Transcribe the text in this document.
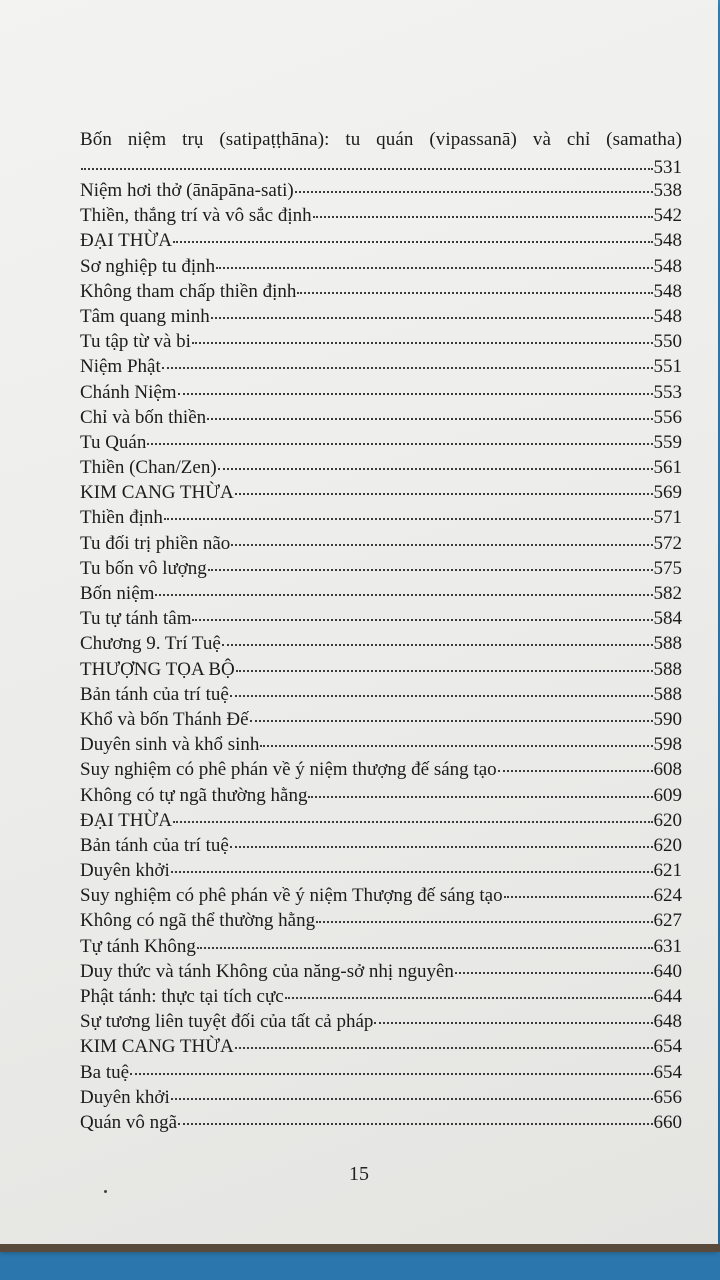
Bốn niệm trụ (satipaṭṭhāna): tu quán (vipassanā) và chỉ (samatha)
531
Niệm hơi thở (ānāpāna-sati)	538
Thiền, thắng trí và vô sắc định	542
ĐẠI THỪA	548
Sơ nghiệp tu định	548
Không tham chấp thiền định	548
Tâm quang minh	548
Tu tập từ và bi	550
Niệm Phật	551
Chánh Niệm	553
Chỉ và bốn thiền	556
Tu Quán	559
Thiền (Chan/Zen)	561
KIM CANG THỪA	569
Thiền định	571
Tu đối trị phiền não	572
Tu bốn vô lượng	575
Bốn niệm	582
Tu tự tánh tâm	584
Chương 9. Trí Tuệ	588
THƯỢNG TỌA BỘ	588
Bản tánh của trí tuệ	588
Khổ và bốn Thánh Đế	590
Duyên sinh và khổ sinh	598
Suy nghiệm có phê phán về ý niệm thượng đế sáng tạo	608
Không có tự ngã thường hằng	609
ĐẠI THỪA	620
Bản tánh của trí tuệ	620
Duyên khởi	621
Suy nghiệm có phê phán về ý niệm Thượng đế sáng tạo	624
Không có ngã thể thường hằng	627
Tự tánh Không	631
Duy thức và tánh Không của năng-sở nhị nguyên	640
Phật tánh: thực tại tích cực	644
Sự tương liên tuyệt đối của tất cả pháp	648
KIM CANG THỪA	654
Ba tuệ	654
Duyên khởi	656
Quán vô ngã	660
15
